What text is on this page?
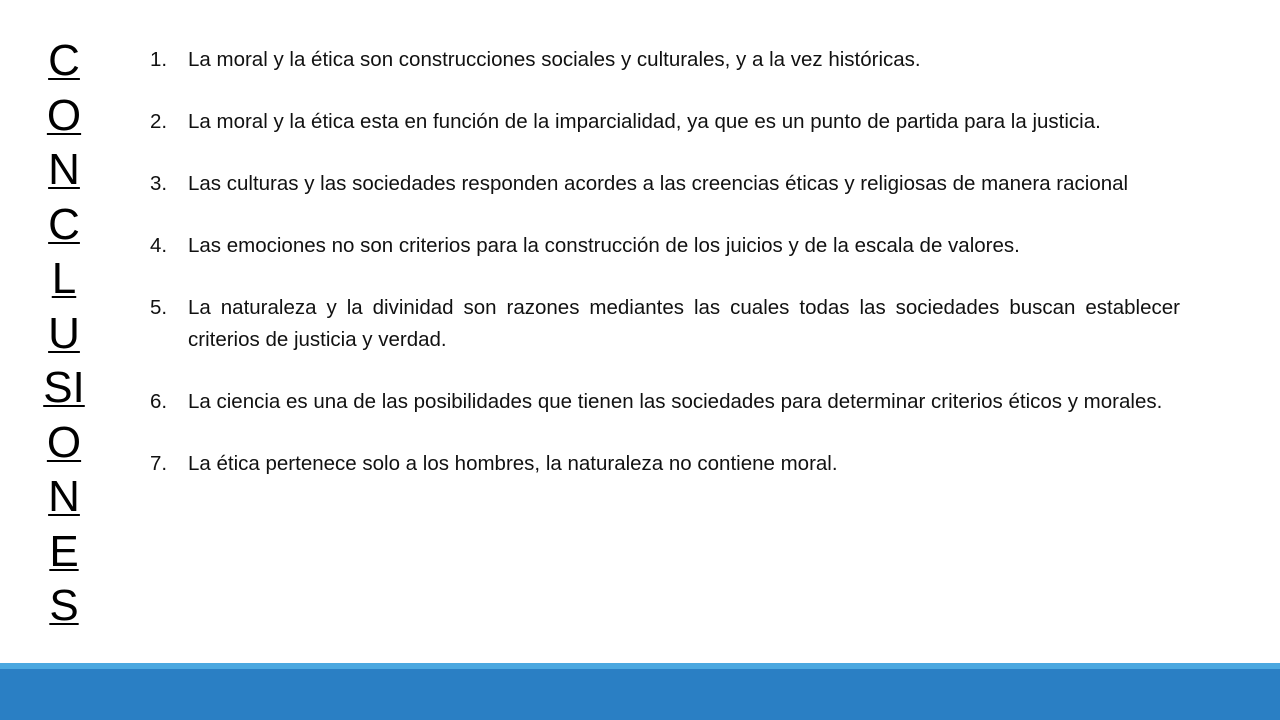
CONCLUSIONES
1.	La moral y la ética son construcciones sociales y culturales, y a la vez históricas.
2.	La moral y la ética esta en función de la imparcialidad, ya que es un punto de partida para la justicia.
3.	Las culturas y las sociedades responden acordes a las creencias éticas y religiosas de manera racional
4.	Las emociones no son criterios para la construcción de los juicios y de la escala de valores.
5.	La naturaleza y la divinidad son razones mediantes las cuales todas las sociedades buscan establecer criterios de justicia y verdad.
6.	La ciencia es una de las posibilidades que tienen las sociedades para determinar criterios éticos y morales.
7.	La ética pertenece solo a los hombres, la naturaleza no contiene moral.
